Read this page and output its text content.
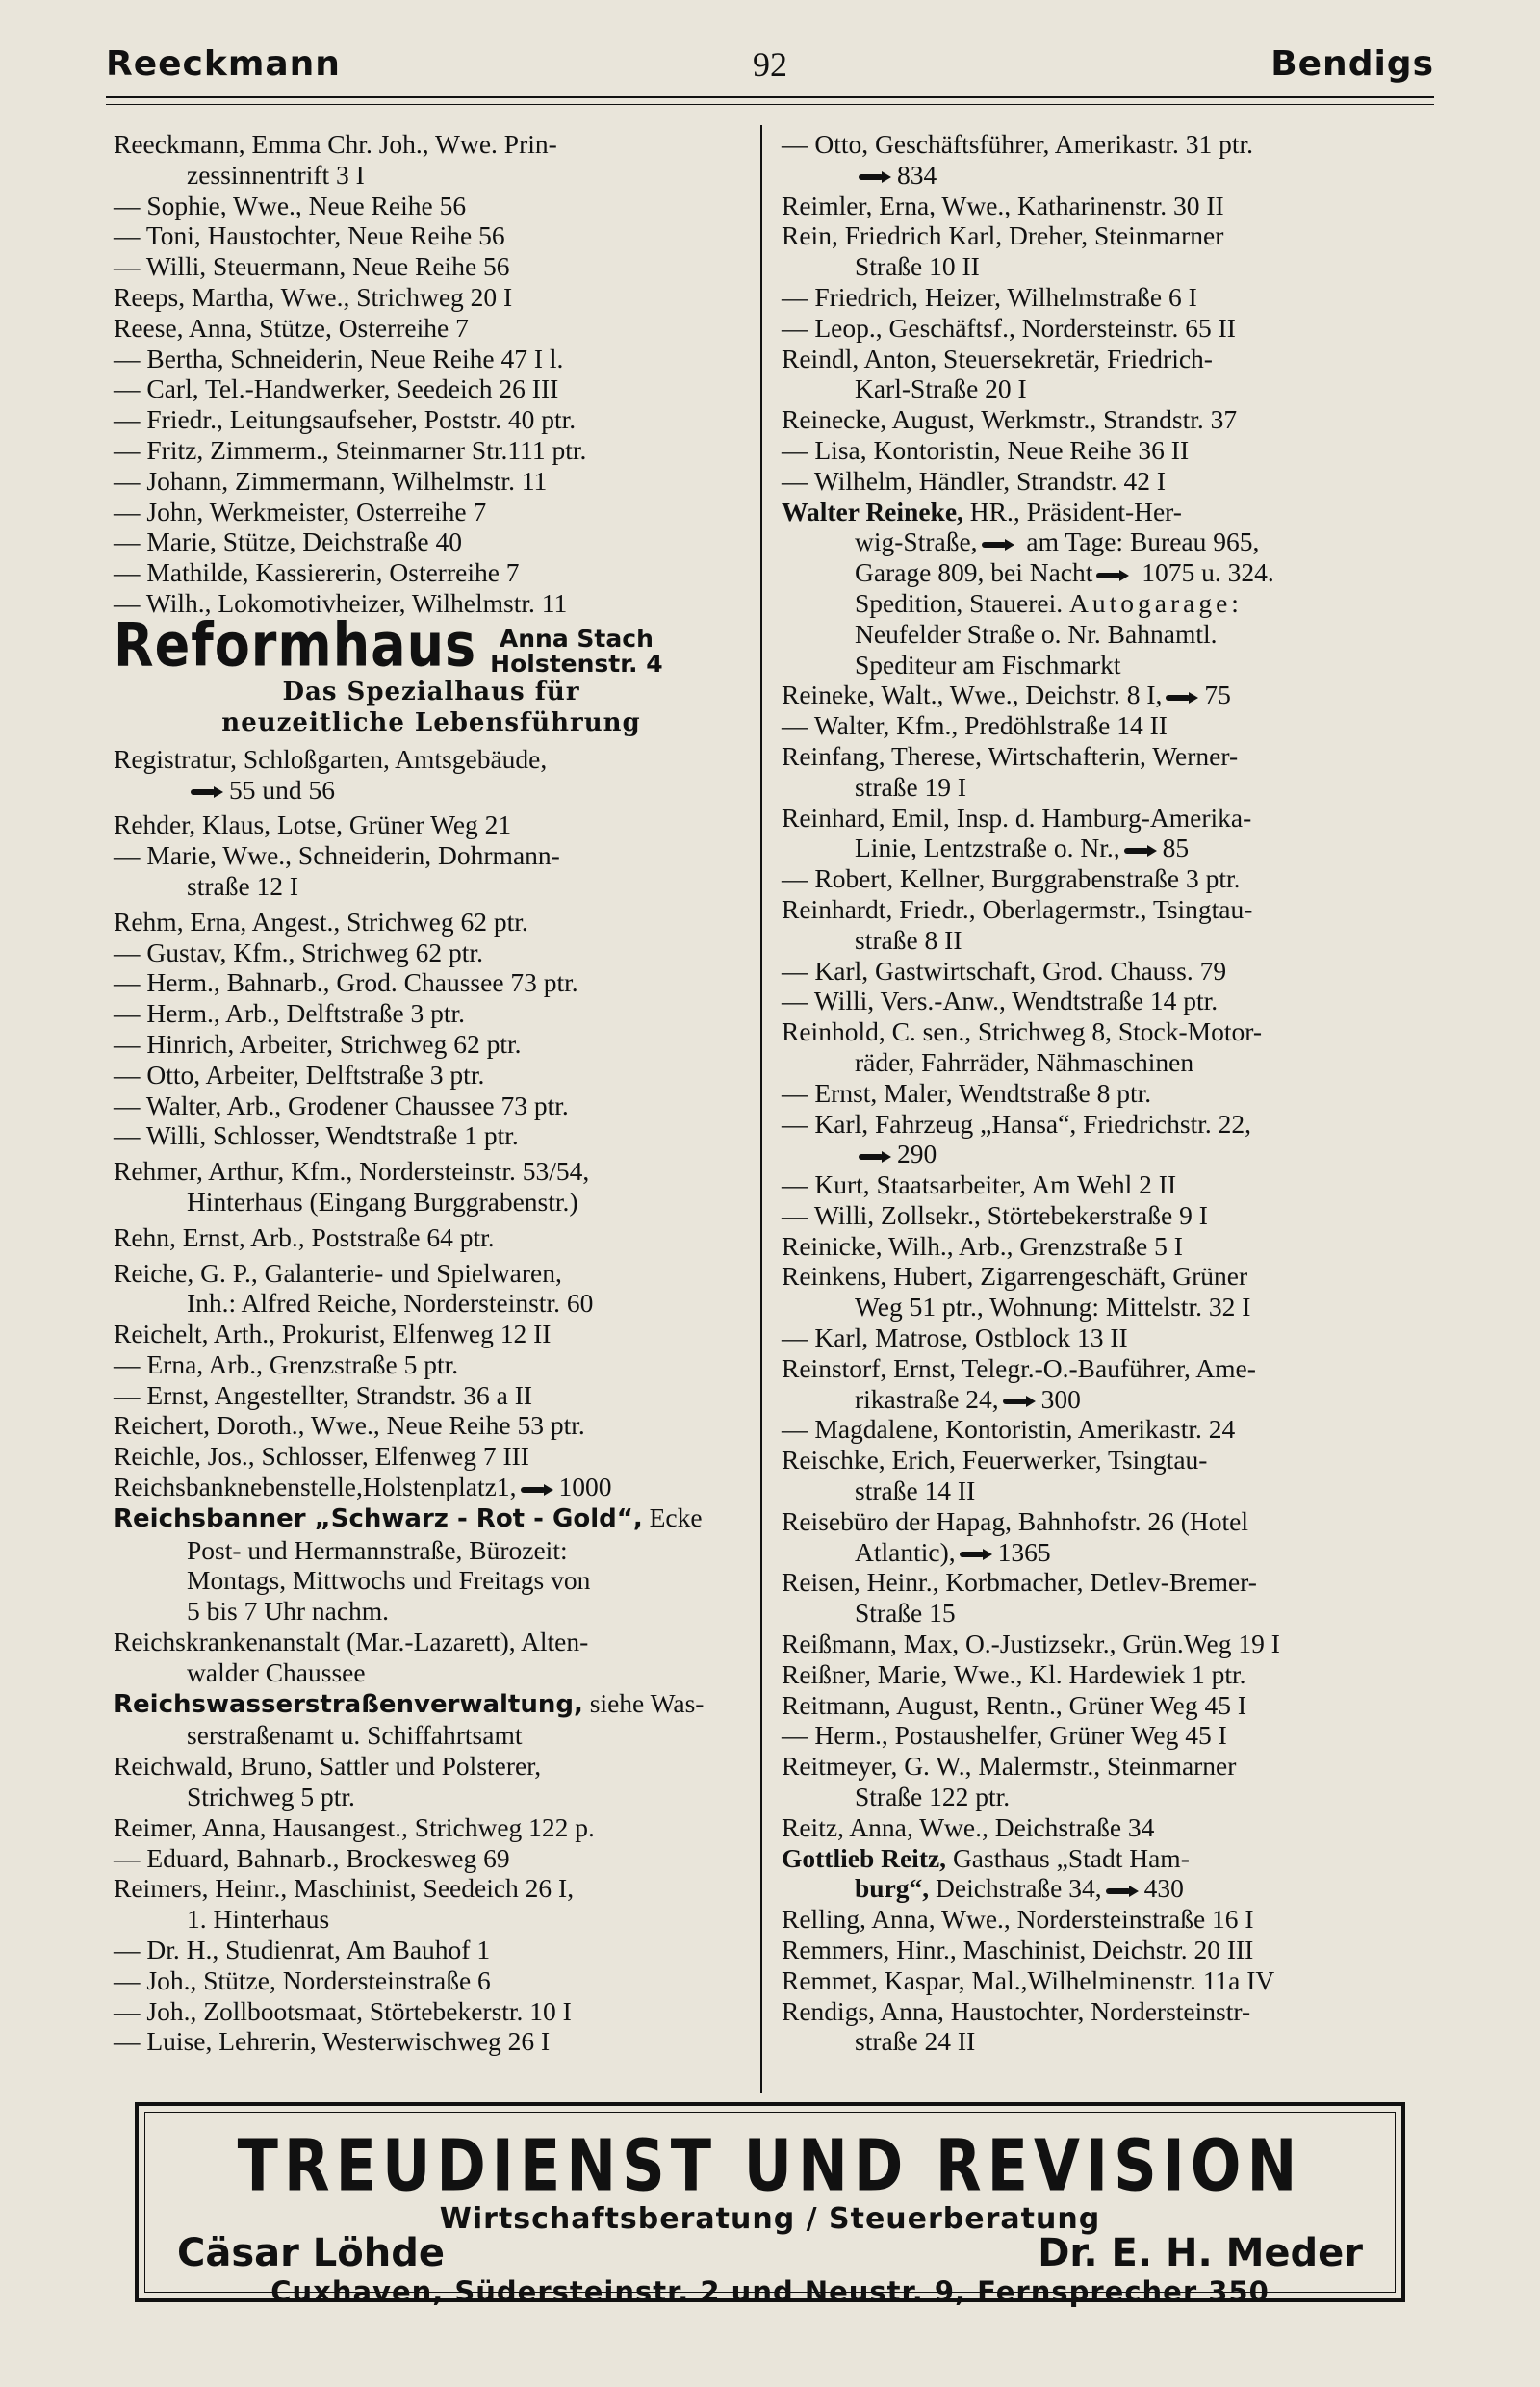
Reeckmann	92	Bendigs

Reeckmann, Emma Chr. Joh., Wwe. Prin-

zessinnentrift 3 I

— Sophie, Wwe., Neue Reihe 56

— Toni, Haustochter, Neue Reihe 56

— Willi, Steuermann, Neue Reihe 56

Reeps, Martha, Wwe., Strichweg 20 I

Reese, Anna, Stütze, Osterreihe 7

— Bertha, Schneiderin, Neue Reihe 47 I l.

— Carl, Tel.-Handwerker, Seedeich 26 III

— Friedr., Leitungsaufseher, Poststr. 40 ptr.

— Fritz, Zimmerm., Steinmarner Str.111 ptr.

— Johann, Zimmermann, Wilhelmstr. 11

— John, Werkmeister, Osterreihe 7

— Marie, Stütze, Deichstraße 40

— Mathilde, Kassiererin, Osterreihe 7

— Wilh., Lokomotivheizer, Wilhelmstr. 11

Reformhaus Anna Stach
Holstenstr. 4
Das Spezialhaus für
neuzeitliche Lebensführung

Registratur, Schloßgarten, Amtsgebäude,

55 und 56

Rehder, Klaus, Lotse, Grüner Weg 21

— Marie, Wwe., Schneiderin, Dohrmann-

straße 12 I

Rehm, Erna, Angest., Strichweg 62 ptr.

— Gustav, Kfm., Strichweg 62 ptr.

— Herm., Bahnarb., Grod. Chaussee 73 ptr.

— Herm., Arb., Delftstraße 3 ptr.

— Hinrich, Arbeiter, Strichweg 62 ptr.

— Otto, Arbeiter, Delftstraße 3 ptr.

— Walter, Arb., Grodener Chaussee 73 ptr.

— Willi, Schlosser, Wendtstraße 1 ptr.

Rehmer, Arthur, Kfm., Nordersteinstr. 53/54,

Hinterhaus (Eingang Burggrabenstr.)

Rehn, Ernst, Arb., Poststraße 64 ptr.

Reiche, G. P., Galanterie- und Spielwaren,

Inh.: Alfred Reiche, Nordersteinstr. 60

Reichelt, Arth., Prokurist, Elfenweg 12 II

— Erna, Arb., Grenzstraße 5 ptr.

— Ernst, Angestellter, Strandstr. 36 a II

Reichert, Doroth., Wwe., Neue Reihe 53 ptr.

Reichle, Jos., Schlosser, Elfenweg 7 III

Reichsbanknebenstelle,Holstenplatz1, 1000

Reichsbanner „Schwarz - Rot - Gold“, Ecke

Post- und Hermannstraße, Bürozeit:

Montags, Mittwochs und Freitags von

5 bis 7 Uhr nachm.

Reichskrankenanstalt (Mar.-Lazarett), Alten-

walder Chaussee

Reichswasserstraßenverwaltung, siehe Was-

serstraßenamt u. Schiffahrtsamt

Reichwald, Bruno, Sattler und Polsterer,

Strichweg 5 ptr.

Reimer, Anna, Hausangest., Strichweg 122 p.

— Eduard, Bahnarb., Brockesweg 69

Reimers, Heinr., Maschinist, Seedeich 26 I,

1. Hinterhaus

— Dr. H., Studienrat, Am Bauhof 1

— Joh., Stütze, Nordersteinstraße 6

— Joh., Zollbootsmaat, Störtebekerstr. 10 I

— Luise, Lehrerin, Westerwischweg 26 I

— Otto, Geschäftsführer, Amerikastr. 31 ptr.

834

Reimler, Erna, Wwe., Katharinenstr. 30 II

Rein, Friedrich Karl, Dreher, Steinmarner

Straße 10 II

— Friedrich, Heizer, Wilhelmstraße 6 I

— Leop., Geschäftsf., Nordersteinstr. 65 II

Reindl, Anton, Steuersekretär, Friedrich-

Karl-Straße 20 I

Reinecke, August, Werkmstr., Strandstr. 37

— Lisa, Kontoristin, Neue Reihe 36 II

— Wilhelm, Händler, Strandstr. 42 I

Walter Reineke, HR., Präsident-Her-

wig-Straße, am Tage: Bureau 965,

Garage 809, bei Nacht 1075 u. 324.

Spedition, Stauerei. Autogarage:

Neufelder Straße o. Nr. Bahnamtl.

Spediteur am Fischmarkt

Reineke, Walt., Wwe., Deichstr. 8 I, 75

— Walter, Kfm., Predöhlstraße 14 II

Reinfang, Therese, Wirtschafterin, Werner-

straße 19 I

Reinhard, Emil, Insp. d. Hamburg-Amerika-

Linie, Lentzstraße o. Nr., 85

— Robert, Kellner, Burggrabenstraße 3 ptr.

Reinhardt, Friedr., Oberlagermstr., Tsingtau-

straße 8 II

— Karl, Gastwirtschaft, Grod. Chauss. 79

— Willi, Vers.-Anw., Wendtstraße 14 ptr.

Reinhold, C. sen., Strichweg 8, Stock-Motor-

räder, Fahrräder, Nähmaschinen

— Ernst, Maler, Wendtstraße 8 ptr.

— Karl, Fahrzeug „Hansa“, Friedrichstr. 22,

290

— Kurt, Staatsarbeiter, Am Wehl 2 II

— Willi, Zollsekr., Störtebekerstraße 9 I

Reinicke, Wilh., Arb., Grenzstraße 5 I

Reinkens, Hubert, Zigarrengeschäft, Grüner

Weg 51 ptr., Wohnung: Mittelstr. 32 I

— Karl, Matrose, Ostblock 13 II

Reinstorf, Ernst, Telegr.-O.-Bauführer, Ame-

rikastraße 24, 300

— Magdalene, Kontoristin, Amerikastr. 24

Reischke, Erich, Feuerwerker, Tsingtau-

straße 14 II

Reisebüro der Hapag, Bahnhofstr. 26 (Hotel

Atlantic), 1365

Reisen, Heinr., Korbmacher, Detlev-Bremer-

Straße 15

Reißmann, Max, O.-Justizsekr., Grün.Weg 19 I

Reißner, Marie, Wwe., Kl. Hardewiek 1 ptr.

Reitmann, August, Rentn., Grüner Weg 45 I

— Herm., Postaushelfer, Grüner Weg 45 I

Reitmeyer, G. W., Malermstr., Steinmarner

Straße 122 ptr.

Reitz, Anna, Wwe., Deichstraße 34

Gottlieb Reitz, Gasthaus „Stadt Ham-

burg“, Deichstraße 34, 430

Relling, Anna, Wwe., Nordersteinstraße 16 I

Remmers, Hinr., Maschinist, Deichstr. 20 III

Remmet, Kaspar, Mal.,Wilhelminenstr. 11a IV

Rendigs, Anna, Haustochter, Nordersteinstr-

straße 24 II

TREUDIENST UND REVISION
Wirtschaftsberatung / Steuerberatung
Cäsar Löhde	Dr. E. H. Meder
Cuxhaven, Südersteinstr. 2 und Neustr. 9, Fernsprecher 350
